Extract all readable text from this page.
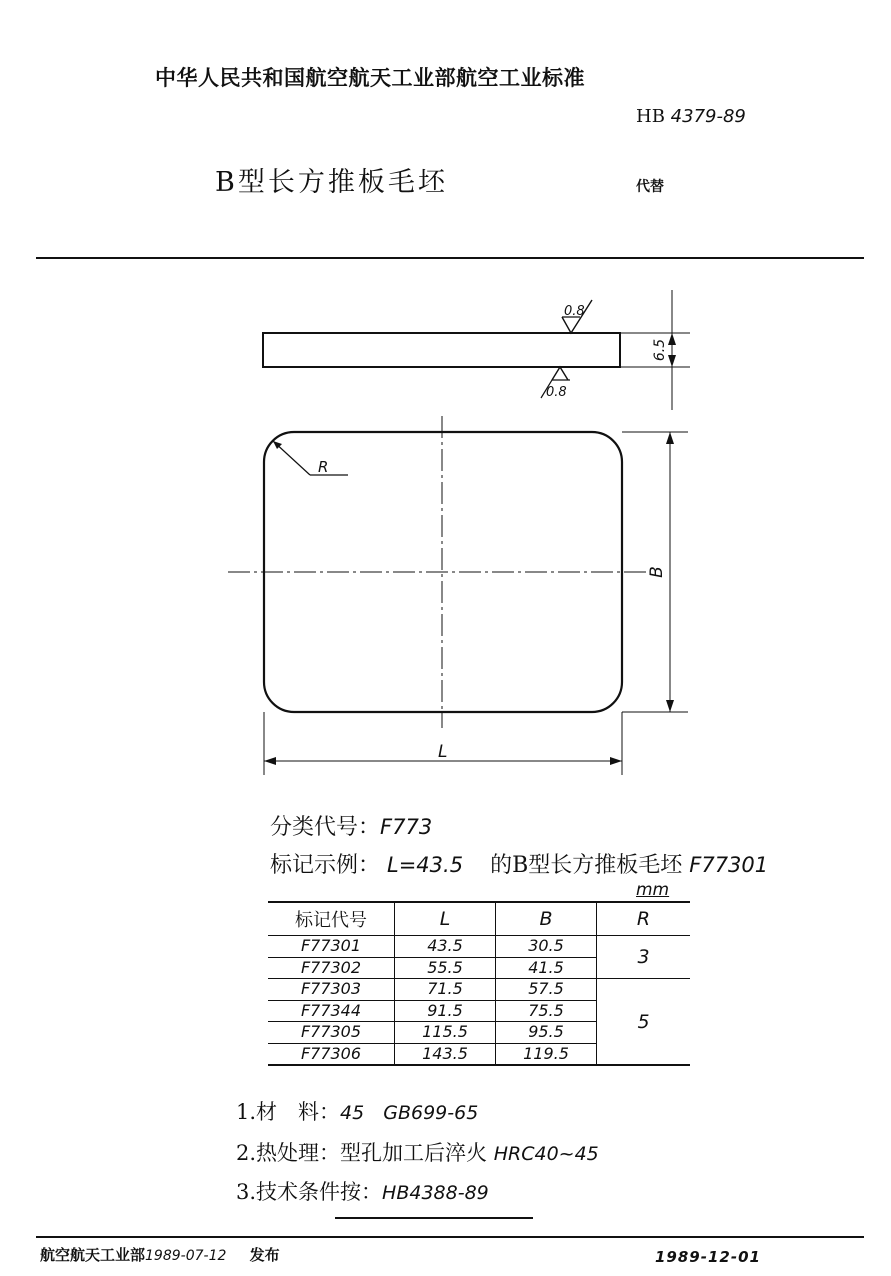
中华人民共和国航空航天工业部航空工业标准
HB 4379-89
B型长方推板毛坯	代替
0.8
0.8
6.5
R
B
L
分类代号：F773
标记示例： L=43.5 的B型长方推板毛坯 F77301
mm
标记代号	L	B	R
F77301	43.5	30.5	3
F77302	55.5	41.5	
F77303	71.5	57.5	5
F77344	91.5	75.5	
F77305	115.5	95.5	
F77306	143.5	119.5	
1.材　料：45　GB699-65
2.热处理：型孔加工后淬火 HRC40~45
3.技术条件按：HB4388-89
航空航天工业部1989-07-12 发布	1989-12-01
